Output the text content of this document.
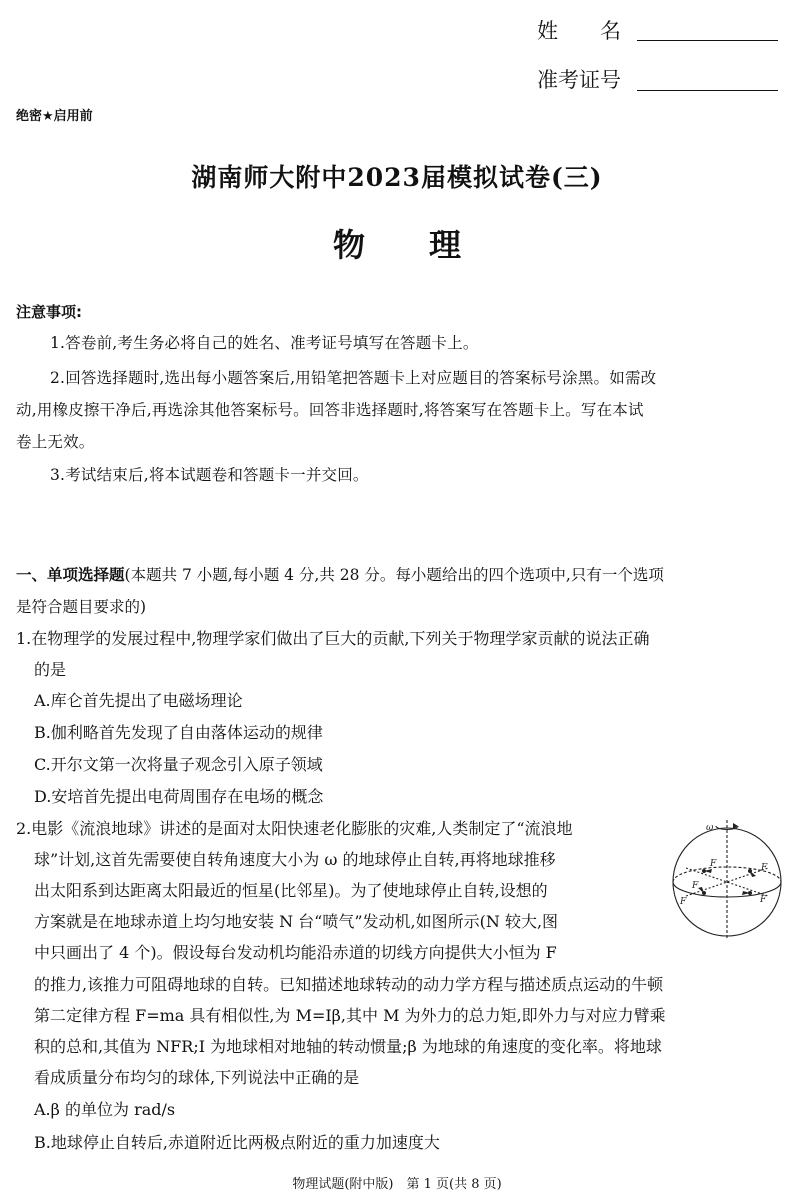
姓　　名
准考证号
绝密★启用前
湖南师大附中2023届模拟试卷(三)
物 理
注意事项:
1.答卷前,考生务必将自己的姓名、准考证号填写在答题卡上。
2.回答选择题时,选出每小题答案后,用铅笔把答题卡上对应题目的答案标号涂黑。如需改
动,用橡皮擦干净后,再选涂其他答案标号。回答非选择题时,将答案写在答题卡上。写在本试
卷上无效。
3.考试结束后,将本试题卷和答题卡一并交回。
一、单项选择题(本题共 7 小题,每小题 4 分,共 28 分。每小题给出的四个选项中,只有一个选项
是符合题目要求的)
1.在物理学的发展过程中,物理学家们做出了巨大的贡献,下列关于物理学家贡献的说法正确
的是
A.库仑首先提出了电磁场理论
B.伽利略首先发现了自由落体运动的规律
C.开尔文第一次将量子观念引入原子领域
D.安培首先提出电荷周围存在电场的概念
2.电影《流浪地球》讲述的是面对太阳快速老化膨胀的灾难,人类制定了“流浪地
球”计划,这首先需要使自转角速度大小为 ω 的地球停止自转,再将地球推移
出太阳系到达距离太阳最近的恒星(比邻星)。为了使地球停止自转,设想的
方案就是在地球赤道上均匀地安装 N 台“喷气”发动机,如图所示(N 较大,图
中只画出了 4 个)。假设每台发动机均能沿赤道的切线方向提供大小恒为 F
的推力,该推力可阻碍地球的自转。已知描述地球转动的动力学方程与描述质点运动的牛顿
第二定律方程 F=ma 具有相似性,为 M=Iβ,其中 M 为外力的总力矩,即外力与对应力臂乘
积的总和,其值为 NFR;I 为地球相对地轴的转动惯量;β 为地球的角速度的变化率。将地球
看成质量分布均匀的球体,下列说法中正确的是
A.β 的单位为 rad/s
B.地球停止自转后,赤道附近比两极点附近的重力加速度大
ω
F	F
F
F	F
物理试题(附中版)　第 1 页(共 8 页)
